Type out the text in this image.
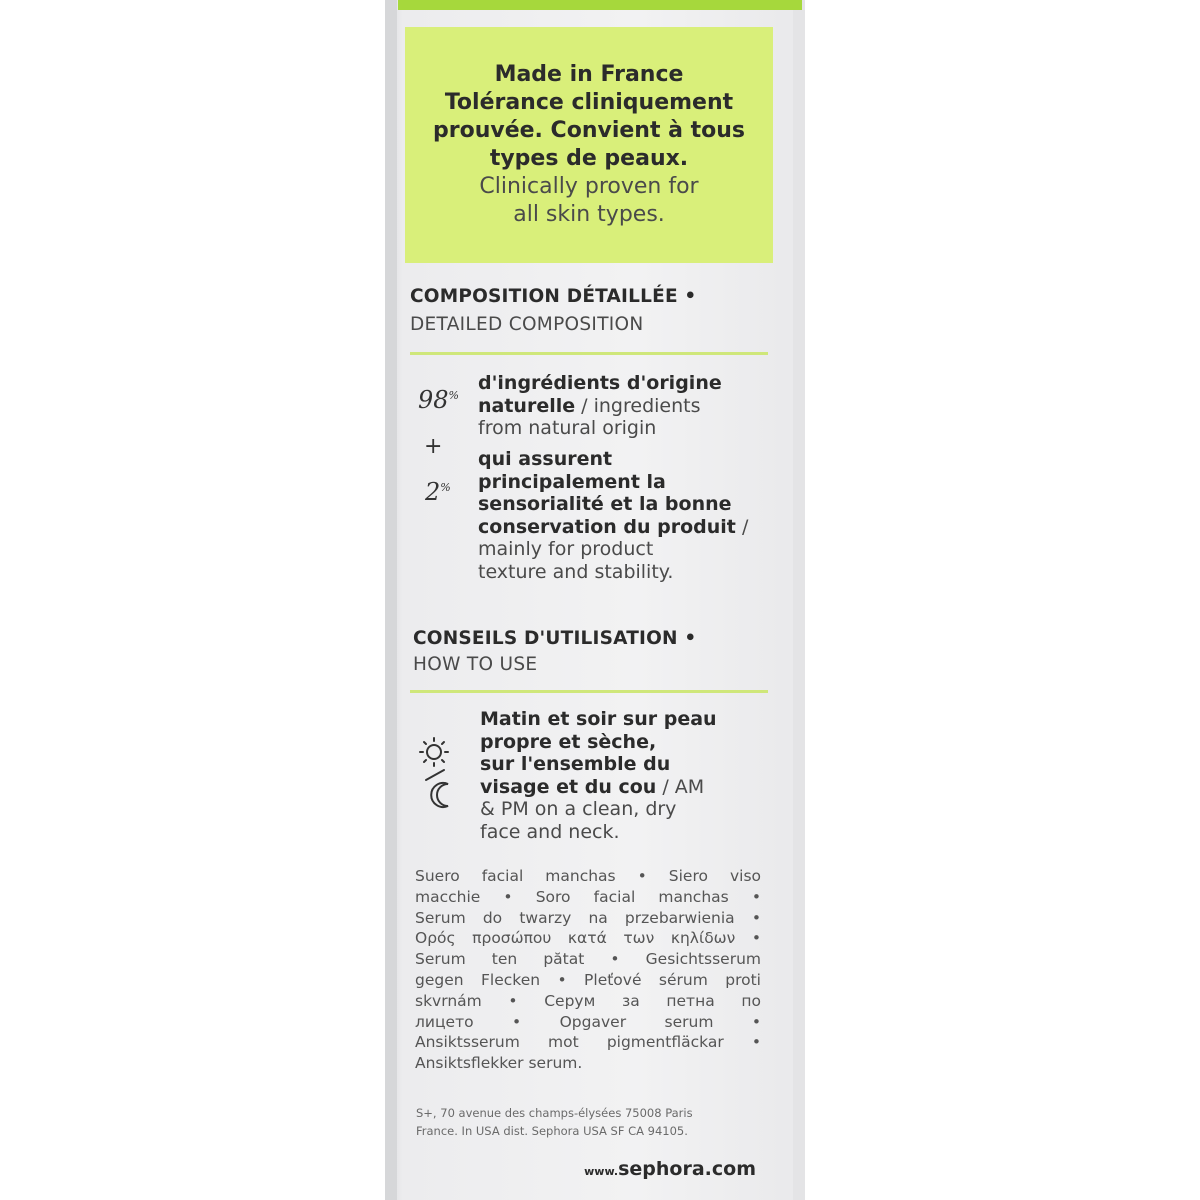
Made in France
Tolérance cliniquement
prouvée. Convient à tous
types de peaux.
Clinically proven for
all skin types.
COMPOSITION DÉTAILLÉE •
DETAILED COMPOSITION
98%
+
2%
d'ingrédients d'origine
naturelle / ingredients
from natural origin
qui assurent
principalement la
sensorialité et la bonne
conservation du produit /
mainly for product
texture and stability.
CONSEILS D'UTILISATION •
HOW TO USE
Matin et soir sur peau
propre et sèche,
sur l'ensemble du
visage et du cou / AM
& PM on a clean, dry
face and neck.
Suero facial manchas • Siero viso
macchie • Soro facial manchas •
Serum do twarzy na przebarwienia •
Ορός προσώπου κατά των κηλίδων •
Serum ten pătat • Gesichtsserum
gegen Flecken • Pleťové sérum proti
skvrnám • Серум за петна по
лицето • Opgaver serum •
Ansiktsserum mot pigmentfläckar •
Ansiktsflekker serum.
S+, 70 avenue des champs-élysées 75008 Paris
France. In USA dist. Sephora USA SF CA 94105.
www.sephora.com
